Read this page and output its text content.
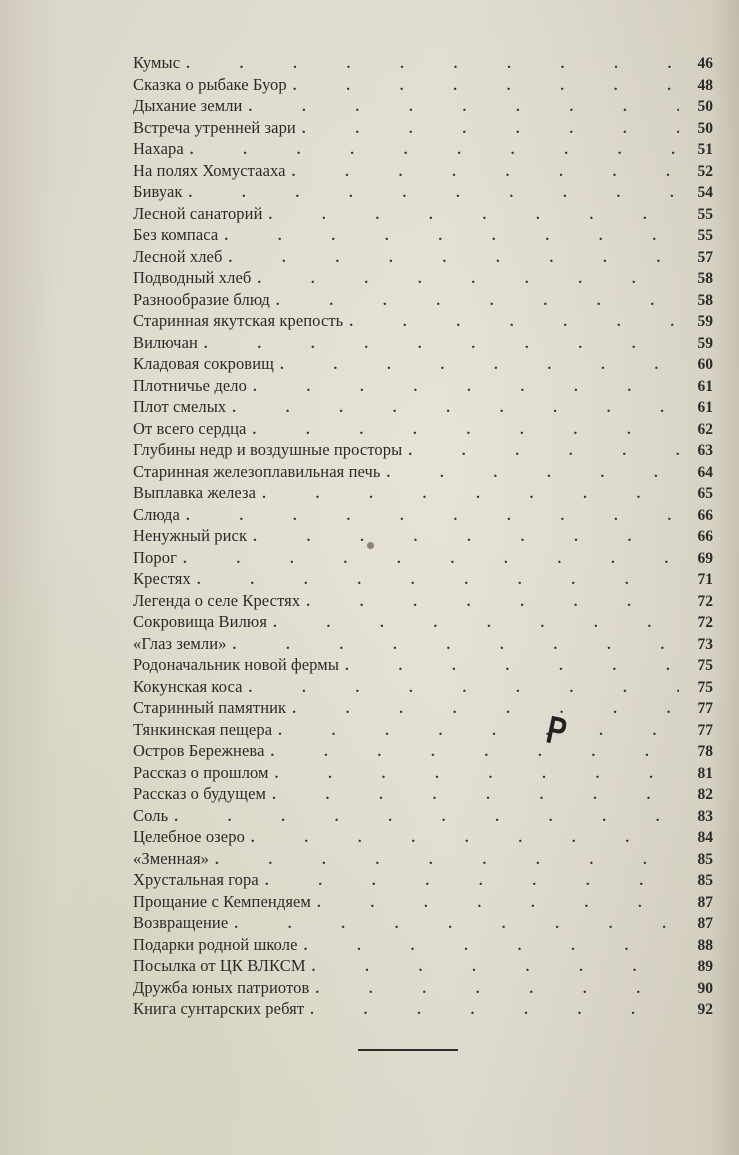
Кумыс . . .	46
Сказка о рыбаке Буор . . .	48
Дыхание земли . . .	50
Встреча утренней зари . . .	50
Нахара . . .	51
На полях Хомустааха . . .	52
Бивуак . . .	54
Лесной санаторий . . .	55
Без компаса . . .	55
Лесной хлеб . . .	57
Подводный хлеб . . .	58
Разнообразие блюд . . .	58
Старинная якутская крепость . . .	59
Вилючан . . .	59
Кладовая сокровищ . . .	60
Плотничье дело . . .	61
Плот смелых . . .	61
От всего сердца . . .	62
Глубины недр и воздушные просторы . . .	63
Старинная железоплавильная печь . . .	64
Выплавка железа . . .	65
Слюда . . .	66
Ненужный риск . . .	66
Порог . . .	69
Крестях . . .	71
Легенда о селе Крестях . . .	72
Сокровища Вилюя . . .	72
«Глаз земли» . . .	73
Родоначальник новой фермы . . .	75
Кокунская коса . . .	75
Старинный памятник . . .	77
Тянкинская пещера . . .	77
Остров Бережнева . . .	78
Рассказ о прошлом . . .	81
Рассказ о будущем . . .	82
Соль . . .	83
Целебное озеро . . .	84
«Зменная» . . .	85
Хрустальная гора . . .	85
Прощание с Кемпендяем . . .	87
Возвращение . . .	87
Подарки родной школе . . .	88
Посылка от ЦК ВЛКСМ . . .	89
Дружба юных патриотов . . .	90
Книга сунтарских ребят . . .	92
